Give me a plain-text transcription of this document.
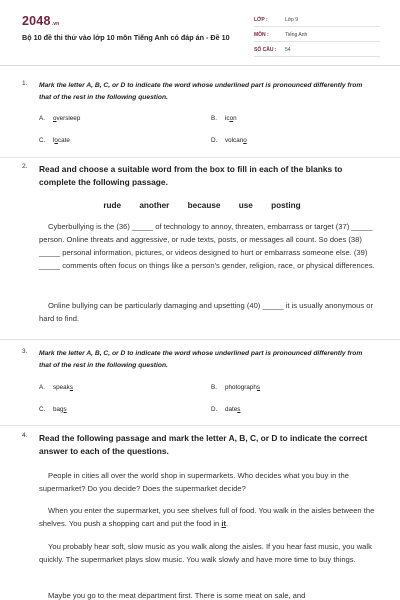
2048.vn
Bộ 10 đề thi thử vào lớp 10 môn Tiếng Anh có đáp án - Đề 10
LỚP :	Lớp 9
MÔN :	Tiếng Anh
SỐ CÂU : 54
1. Mark the letter A, B, C, or D to indicate the word whose underlined part is pronounced differently from that of the rest in the following question.
A. oversleep	B. icon
C. locate	D. volcano
2. Read and choose a suitable word from the box to fill in each of the blanks to complete the following passage.
rude another because use posting
Cyberbullying is the (36) _____ of technology to annoy, threaten, embarrass or target (37) _____ person. Online threats and aggressive, or rude texts, posts, or messages all count. So does (38) _____ personal information, pictures, or videos designed to hurt or embarrass someone else. (39) _____ comments often focus on things like a person's gender, religion, race, or physical differences.
Online bullying can be particularly damaging and upsetting (40) _____ it is usually anonymous or hard to find.
3. Mark the letter A, B, C, or D to indicate the word whose underlined part is pronounced differently from that of the rest in the following question.
A. speaks	B. photographs
C. bags	D. dates
4. Read the following passage and mark the letter A, B, C, or D to indicate the correct answer to each of the questions.
People in cities all over the world shop in supermarkets. Who decides what you buy in the supermarket? Do you decide? Does the supermarket decide?
When you enter the supermarket, you see shelves full of food. You walk in the aisles between the shelves. You push a shopping cart and put the food in it.
You probably hear soft, slow music as you walk along the aisles. If you hear fast music, you walk quickly. The supermarket plays slow music. You walk slowly and have more time to buy things.
Maybe you go to the meat department first. There is some meat on sale, and
